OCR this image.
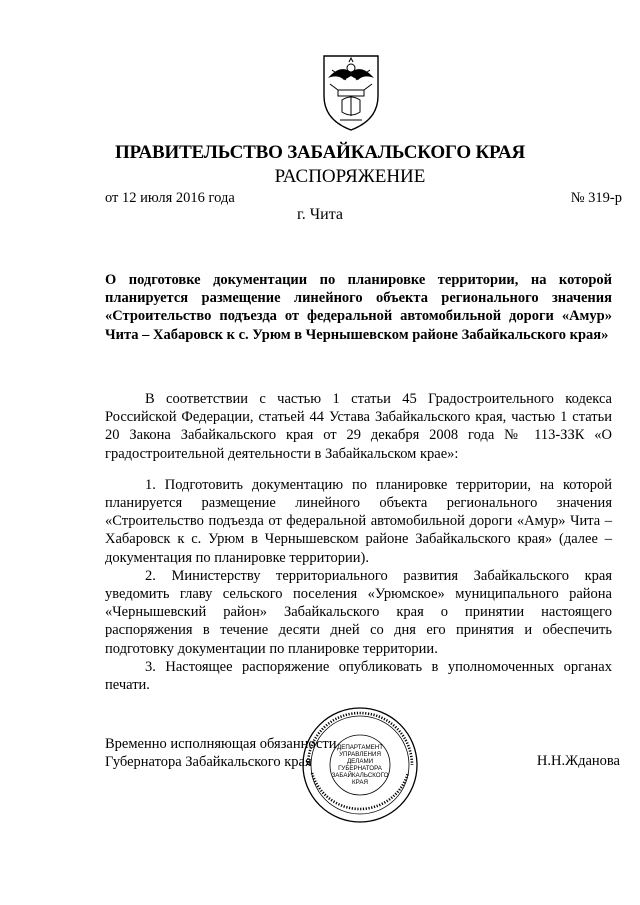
ПРАВИТЕЛЬСТВО ЗАБАЙКАЛЬСКОГО КРАЯ
РАСПОРЯЖЕНИЕ
от 12 июля 2016 года	№ 319-р
г. Чита
О подготовке документации по планировке территории, на которой планируется размещение линейного объекта регионального значения «Строительство подъезда от федеральной автомобильной дороги «Амур» Чита – Хабаровск к с. Урюм в Чернышевском районе Забайкальского края»

В соответствии с частью 1 статьи 45 Градостроительного кодекса Российской Федерации, статьей 44 Устава Забайкальского края, частью 1 статьи 20 Закона Забайкальского края от 29 декабря 2008 года № 113-ЗЗК «О градостроительной деятельности в Забайкальском крае»:

1. Подготовить документацию по планировке территории, на которой планируется размещение линейного объекта регионального значения «Строительство подъезда от федеральной автомобильной дороги «Амур» Чита – Хабаровск к с. Урюм в Чернышевском районе Забайкальского края» (далее – документация по планировке территории).

2. Министерству территориального развития Забайкальского края уведомить главу сельского поселения «Урюмское» муниципального района «Чернышевский район» Забайкальского края о принятии настоящего распоряжения в течение десяти дней со дня его принятия и обеспечить подготовку документации по планировке территории.

3. Настоящее распоряжение опубликовать в уполномоченных органах печати.

Временно исполняющая обязанности
Губернатора Забайкальского края	Н.Н.Жданова
ДЕПАРТАМЕНТ
УПРАВЛЕНИЯ
ДЕЛАМИ
ГУБЕРНАТОРА
ЗАБАЙКАЛЬСКОГО
КРАЯ
